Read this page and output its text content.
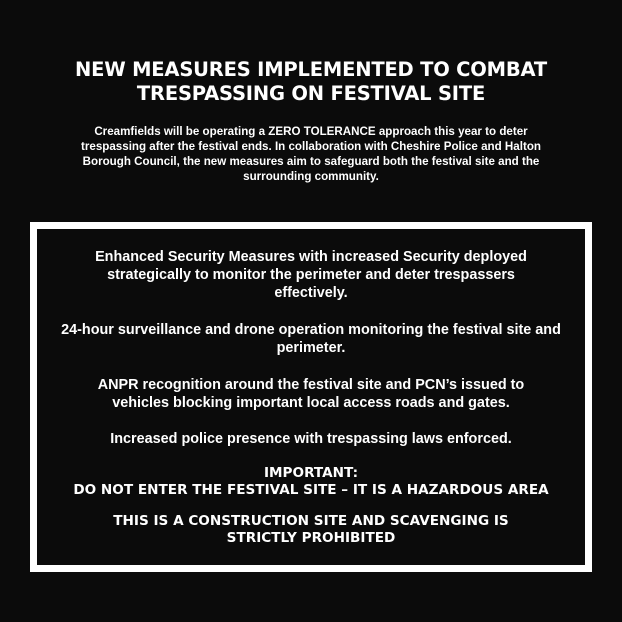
NEW MEASURES IMPLEMENTED TO COMBAT
TRESPASSING ON FESTIVAL SITE

Creamfields will be operating a ZERO TOLERANCE approach this year to deter trespassing after the festival ends. In collaboration with Cheshire Police and Halton Borough Council, the new measures aim to safeguard both the festival site and the surrounding community.

Enhanced Security Measures with increased Security deployed strategically to monitor the perimeter and deter trespassers effectively.

24-hour surveillance and drone operation monitoring the festival site and perimeter.

ANPR recognition around the festival site and PCN’s issued to vehicles blocking important local access roads and gates.

Increased police presence with trespassing laws enforced.

IMPORTANT:
DO NOT ENTER THE FESTIVAL SITE – IT IS A HAZARDOUS AREA

THIS IS A CONSTRUCTION SITE AND SCAVENGING IS STRICTLY PROHIBITED
